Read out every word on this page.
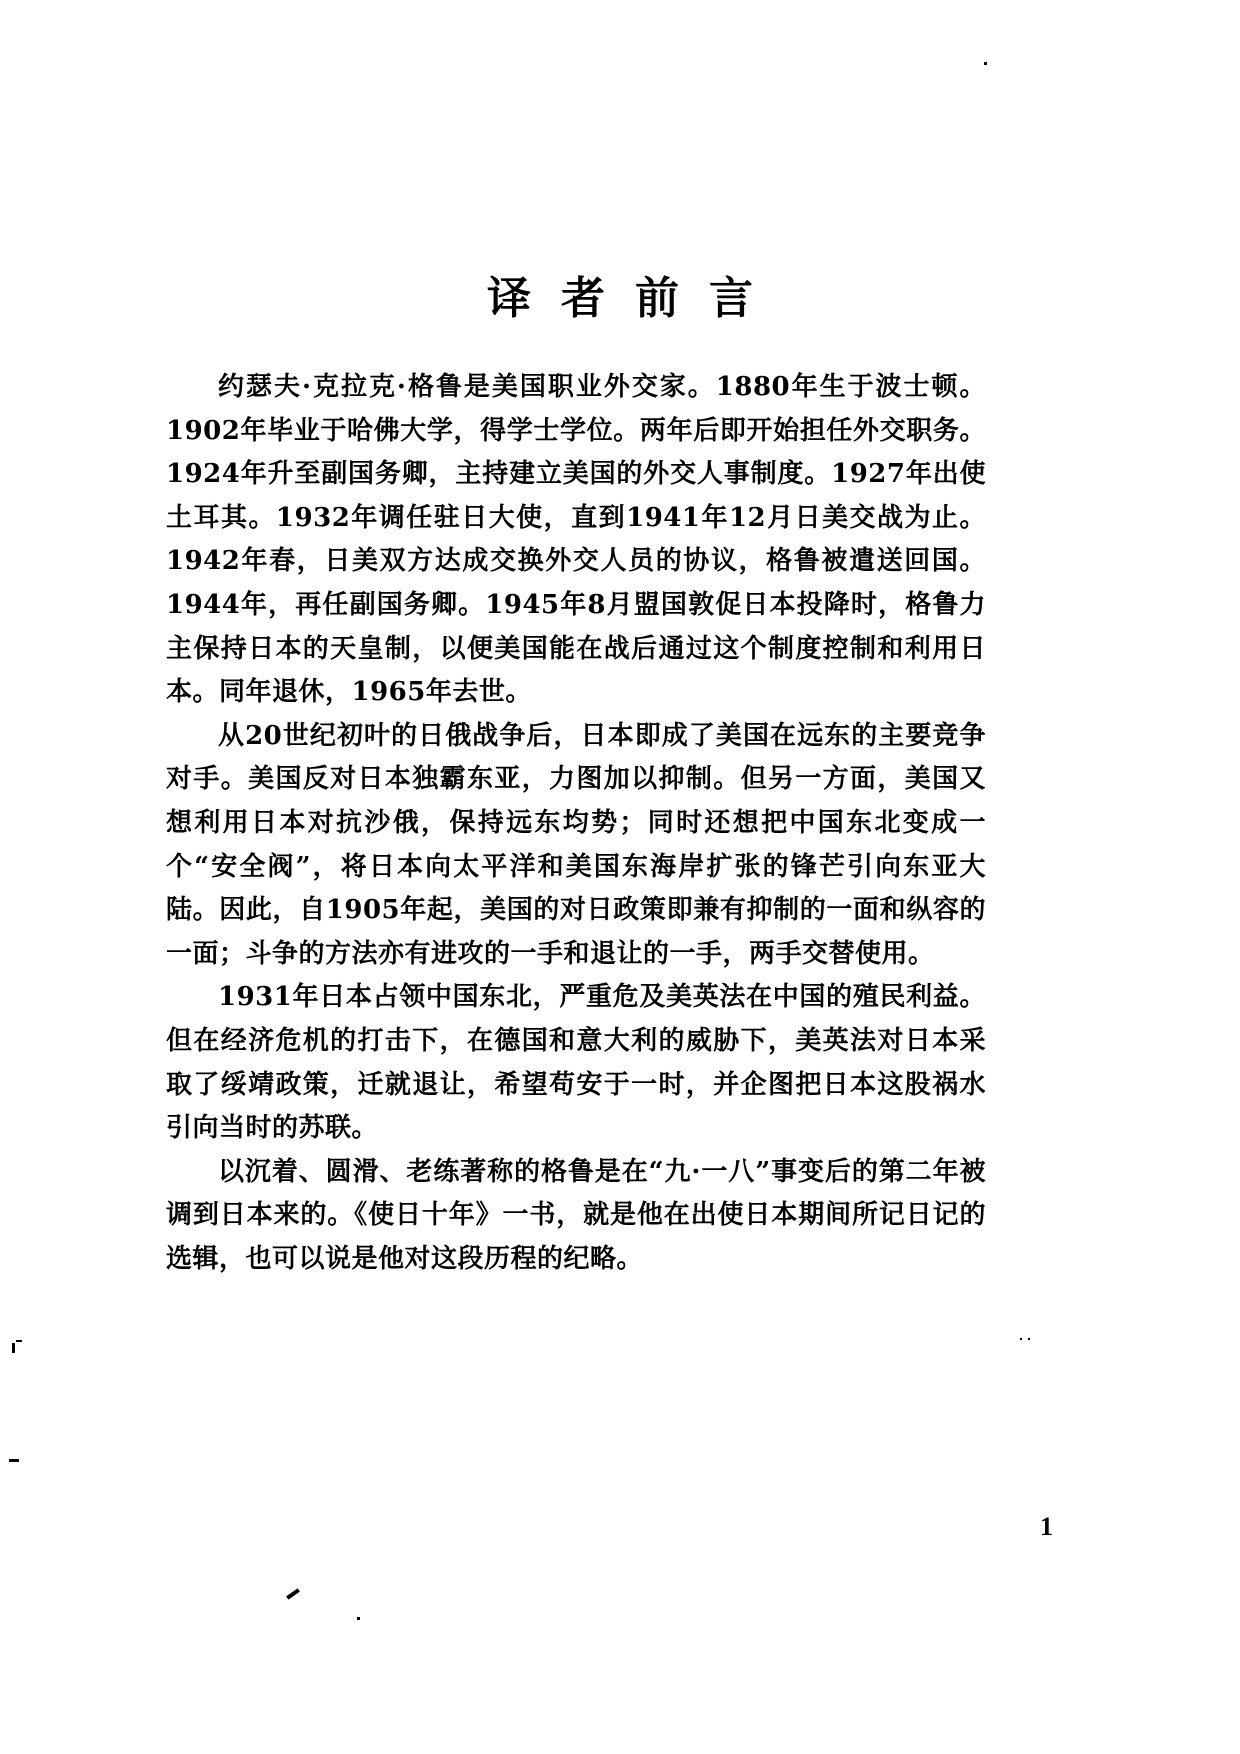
译者前言

约瑟夫·克拉克·格鲁是美国职业外交家。1880年生于波士顿。1902年毕业于哈佛大学，得学士学位。两年后即开始担任外交职务。1924年升至副国务卿，主持建立美国的外交人事制度。1927年出使土耳其。1932年调任驻日大使，直到1941年12月日美交战为止。1942年春，日美双方达成交换外交人员的协议，格鲁被遣送回国。1944年，再任副国务卿。1945年8月盟国敦促日本投降时，格鲁力主保持日本的天皇制，以便美国能在战后通过这个制度控制和利用日本。同年退休，1965年去世。

从20世纪初叶的日俄战争后，日本即成了美国在远东的主要竞争对手。美国反对日本独霸东亚，力图加以抑制。但另一方面，美国又想利用日本对抗沙俄，保持远东均势；同时还想把中国东北变成一个“安全阀”，将日本向太平洋和美国东海岸扩张的锋芒引向东亚大陆。因此，自1905年起，美国的对日政策即兼有抑制的一面和纵容的一面；斗争的方法亦有进攻的一手和退让的一手，两手交替使用。

1931年日本占领中国东北，严重危及美英法在中国的殖民利益。但在经济危机的打击下，在德国和意大利的威胁下，美英法对日本采取了绥靖政策，迁就退让，希望苟安于一时，并企图把日本这股祸水引向当时的苏联。

以沉着、圆滑、老练著称的格鲁是在“九·一八”事变后的第二年被调到日本来的。《使日十年》一书，就是他在出使日本期间所记日记的选辑，也可以说是他对这段历程的纪略。

1
